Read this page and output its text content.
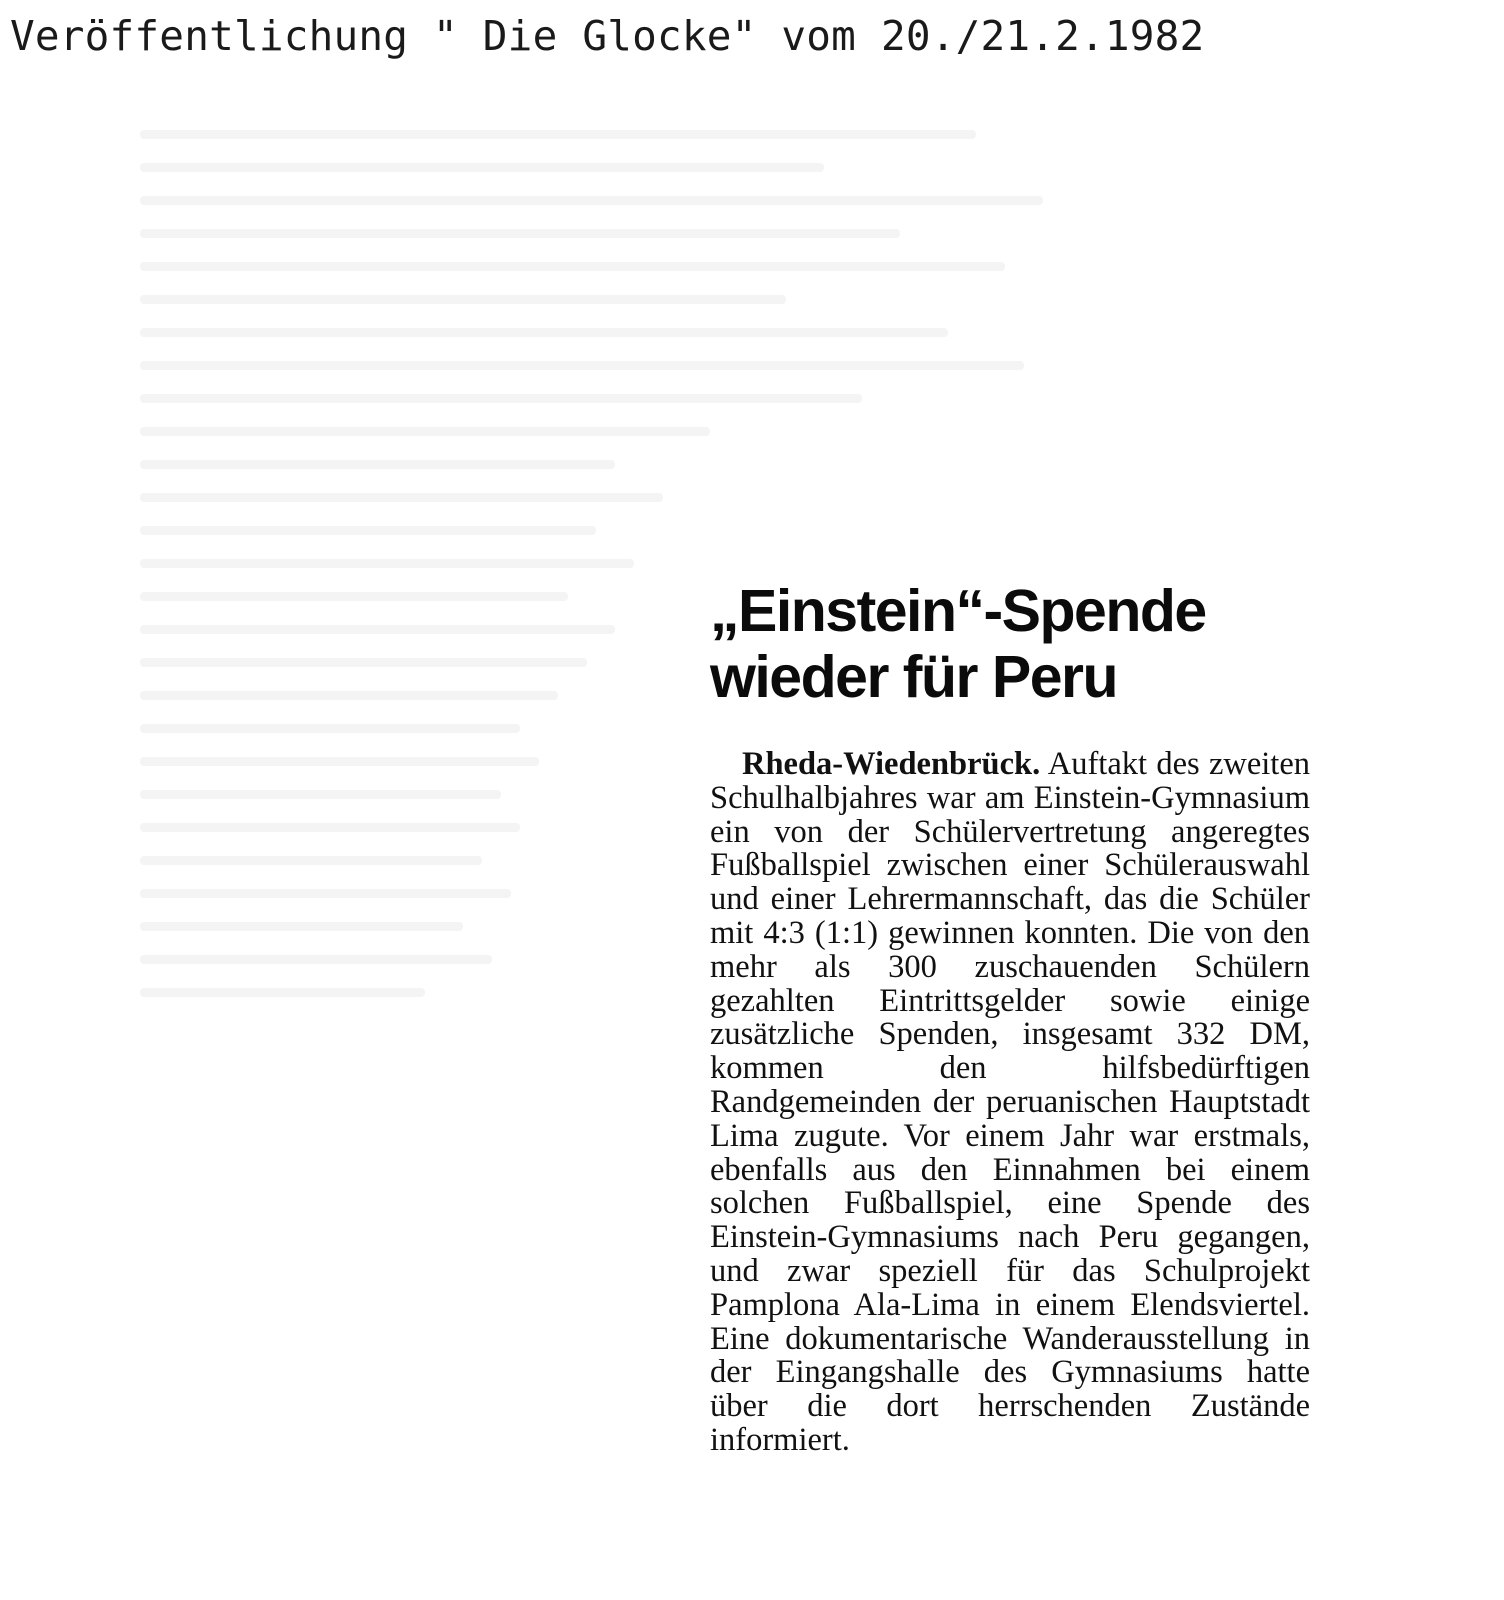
Veröffentlichung " Die Glocke" vom 20./21.2.1982
„Einstein“-Spende
wieder für Peru

Rheda-Wiedenbrück. Auftakt des zweiten Schulhalbjahres war am Einstein-Gymnasium ein von der Schülervertretung angeregtes Fußballspiel zwischen einer Schülerauswahl und einer Lehrermannschaft, das die Schüler mit 4:3 (1:1) gewinnen konnten. Die von den mehr als 300 zuschauenden Schülern gezahlten Eintrittsgelder sowie einige zusätzliche Spenden, insgesamt 332 DM, kommen den hilfsbedürftigen Randgemeinden der peruanischen Hauptstadt Lima zugute. Vor einem Jahr war erstmals, ebenfalls aus den Einnahmen bei einem solchen Fußballspiel, eine Spende des Einstein-Gymnasiums nach Peru gegangen, und zwar speziell für das Schulprojekt Pamplona Ala-Lima in einem Elendsviertel. Eine dokumentarische Wanderausstellung in der Eingangshalle des Gymnasiums hatte über die dort herrschenden Zustände informiert.
